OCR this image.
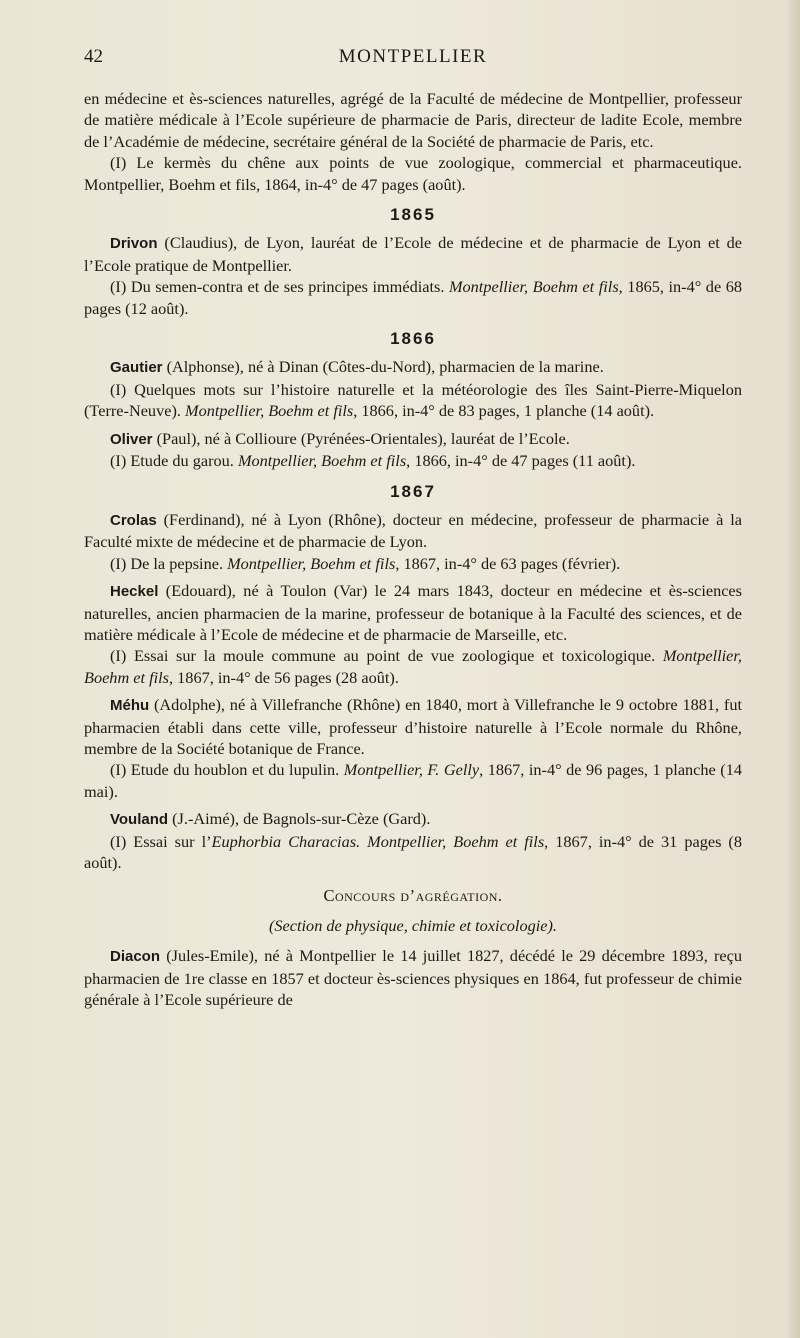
42	MONTPELLIER

en médecine et ès-sciences naturelles, agrégé de la Faculté de médecine de Montpellier, professeur de matière médicale à l’Ecole supérieure de pharmacie de Paris, directeur de ladite Ecole, membre de l’Académie de médecine, secrétaire général de la Société de pharmacie de Paris, etc.

(I) Le kermès du chêne aux points de vue zoologique, commercial et pharmaceutique. Montpellier, Boehm et fils, 1864, in-4° de 47 pages (août).

1865

Drivon (Claudius), de Lyon, lauréat de l’Ecole de médecine et de pharmacie de Lyon et de l’Ecole pratique de Montpellier.

(I) Du semen-contra et de ses principes immédiats. Montpellier, Boehm et fils, 1865, in-4° de 68 pages (12 août).

1866

Gautier (Alphonse), né à Dinan (Côtes-du-Nord), pharmacien de la marine.

(I) Quelques mots sur l’histoire naturelle et la météorologie des îles Saint-Pierre-Miquelon (Terre-Neuve). Montpellier, Boehm et fils, 1866, in-4° de 83 pages, 1 planche (14 août).

Oliver (Paul), né à Collioure (Pyrénées-Orientales), lauréat de l’Ecole.

(I) Etude du garou. Montpellier, Boehm et fils, 1866, in-4° de 47 pages (11 août).

1867

Crolas (Ferdinand), né à Lyon (Rhône), docteur en médecine, professeur de pharmacie à la Faculté mixte de médecine et de pharmacie de Lyon.

(I) De la pepsine. Montpellier, Boehm et fils, 1867, in-4° de 63 pages (février).

Heckel (Edouard), né à Toulon (Var) le 24 mars 1843, docteur en médecine et ès-sciences naturelles, ancien pharmacien de la marine, professeur de botanique à la Faculté des sciences, et de matière médicale à l’Ecole de médecine et de pharmacie de Marseille, etc.

(I) Essai sur la moule commune au point de vue zoologique et toxicologique. Montpellier, Boehm et fils, 1867, in-4° de 56 pages (28 août).

Méhu (Adolphe), né à Villefranche (Rhône) en 1840, mort à Villefranche le 9 octobre 1881, fut pharmacien établi dans cette ville, professeur d’histoire naturelle à l’Ecole normale du Rhône, membre de la Société botanique de France.

(I) Etude du houblon et du lupulin. Montpellier, F. Gelly, 1867, in-4° de 96 pages, 1 planche (14 mai).

Vouland (J.-Aimé), de Bagnols-sur-Cèze (Gard).

(I) Essai sur l’Euphorbia Characias. Montpellier, Boehm et fils, 1867, in-4° de 31 pages (8 août).

Concours d’agrégation.
(Section de physique, chimie et toxicologie).

Diacon (Jules-Emile), né à Montpellier le 14 juillet 1827, décédé le 29 décembre 1893, reçu pharmacien de 1re classe en 1857 et docteur ès-sciences physiques en 1864, fut professeur de chimie générale à l’Ecole supérieure de
